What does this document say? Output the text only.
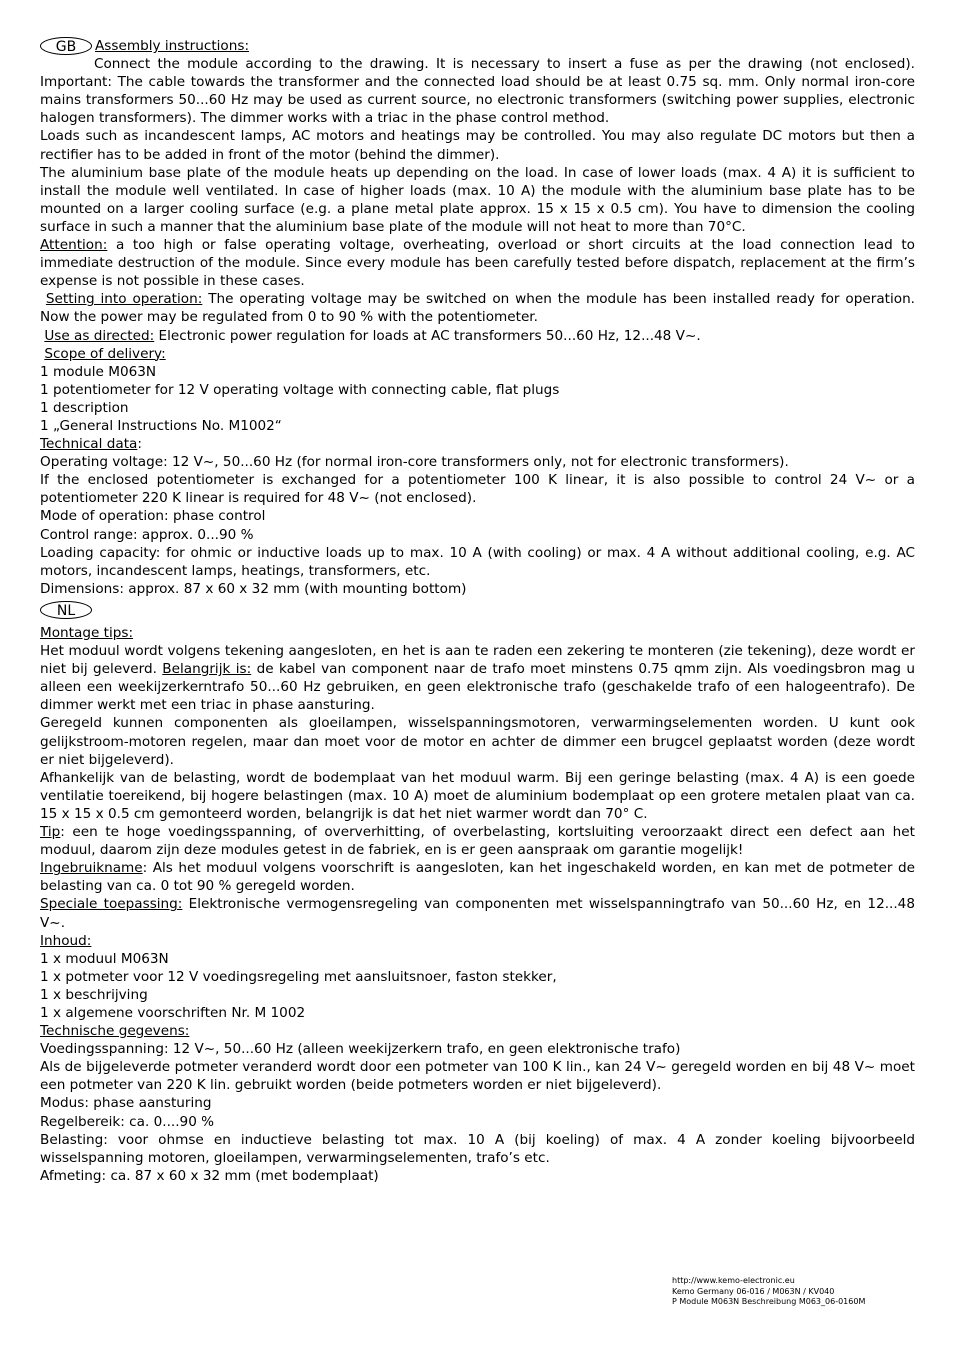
GB	Assembly instructions:

Connect the module according to the drawing. It is necessary to insert a fuse as per the drawing (not enclosed). Important: The cable towards the transformer and the connected load should be at least 0.75 sq. mm. Only normal iron-core mains transformers 50...60 Hz may be used as current source, no electronic transformers (switching power supplies, electronic halogen transformers). The dimmer works with a triac in the phase control method.

Loads such as incandescent lamps, AC motors and heatings may be controlled. You may also regulate DC motors but then a rectifier has to be added in front of the motor (behind the dimmer).

The aluminium base plate of the module heats up depending on the load. In case of lower loads (max. 4 A) it is sufficient to install the module well ventilated. In case of higher loads (max. 10 A) the module with the aluminium base plate has to be mounted on a larger cooling surface (e.g. a plane metal plate approx. 15 x 15 x 0.5 cm). You have to dimension the cooling surface in such a manner that the aluminium base plate of the module will not heat to more than 70°C.

Attention: a too high or false operating voltage, overheating, overload or short circuits at the load connection lead to immediate destruction of the module. Since every module has been carefully tested before dispatch, replacement at the firm’s expense is not possible in these cases.

Setting into operation: The operating voltage may be switched on when the module has been installed ready for operation. Now the power may be regulated from 0 to 90 % with the potentiometer.

Use as directed: Electronic power regulation for loads at AC transformers 50...60 Hz, 12...48 V~.

Scope of delivery:

1 module M063N

1 potentiometer for 12 V operating voltage with connecting cable, flat plugs

1 description

1 „General Instructions No. M1002“

Technical data:

Operating voltage: 12 V~, 50...60 Hz (for normal iron-core transformers only, not for electronic transformers).

If the enclosed potentiometer is exchanged for a potentiometer 100 K linear, it is also possible to control 24 V~ or a potentiometer 220 K linear is required for 48 V~ (not enclosed).

Mode of operation: phase control

Control range: approx. 0...90 %

Loading capacity: for ohmic or inductive loads up to max. 10 A (with cooling) or max. 4 A without additional cooling, e.g. AC motors, incandescent lamps, heatings, transformers, etc.

Dimensions: approx. 87 x 60 x 32 mm (with mounting bottom)

NL

Montage tips:

Het moduul wordt volgens tekening aangesloten, en het is aan te raden een zekering te monteren (zie tekening), deze wordt er niet bij geleverd. Belangrijk is: de kabel van component naar de trafo moet minstens 0.75 qmm zijn. Als voedingsbron mag u alleen een weekijzerkerntrafo 50...60 Hz gebruiken, en geen elektronische trafo (geschakelde trafo of een halogeentrafo). De dimmer werkt met een triac in phase aansturing.

Geregeld kunnen componenten als gloeilampen, wisselspanningsmotoren, verwarmingselementen worden. U kunt ook gelijkstroom-motoren regelen, maar dan moet voor de motor en achter de dimmer een brugcel geplaatst worden (deze wordt er niet bijgeleverd).

Afhankelijk van de belasting, wordt de bodemplaat van het moduul warm. Bij een geringe belasting (max. 4 A) is een goede ventilatie toereikend, bij hogere belastingen (max. 10 A) moet de aluminium bodemplaat op een grotere metalen plaat van ca. 15 x 15 x 0.5 cm gemonteerd worden, belangrijk is dat het niet warmer wordt dan 70° C.

Tip: een te hoge voedingsspanning, of oververhitting, of overbelasting, kortsluiting veroorzaakt direct een defect aan het moduul, daarom zijn deze modules getest in de fabriek, en is er geen aanspraak om garantie mogelijk!

Ingebruikname: Als het moduul volgens voorschrift is aangesloten, kan het ingeschakeld worden, en kan met de potmeter de belasting van ca. 0 tot 90 % geregeld worden.

Speciale toepassing: Elektronische vermogensregeling van componenten met wisselspanningtrafo van 50...60 Hz, en 12...48 V~.

Inhoud:

1 x moduul M063N

1 x potmeter voor 12 V voedingsregeling met aansluitsnoer, faston stekker,

1 x beschrijving

1 x algemene voorschriften Nr. M 1002

Technische gegevens:

Voedingsspanning: 12 V~, 50...60 Hz (alleen weekijzerkern trafo, en geen elektronische trafo)

Als de bijgeleverde potmeter veranderd wordt door een potmeter van 100 K lin., kan 24 V~ geregeld worden en bij 48 V~ moet een potmeter van 220 K lin. gebruikt worden (beide potmeters worden er niet bijgeleverd).

Modus: phase aansturing

Regelbereik: ca. 0....90 %

Belasting: voor ohmse en inductieve belasting tot max. 10 A (bij koeling) of max. 4 A zonder koeling bijvoorbeeld wisselspanning motoren, gloeilampen, verwarmingselementen, trafo’s etc.

Afmeting: ca. 87 x 60 x 32 mm (met bodemplaat)

http://www.kemo-electronic.eu
Kemo Germany 06-016 / M063N / KV040
P Module M063N Beschreibung M063_06-0160M
